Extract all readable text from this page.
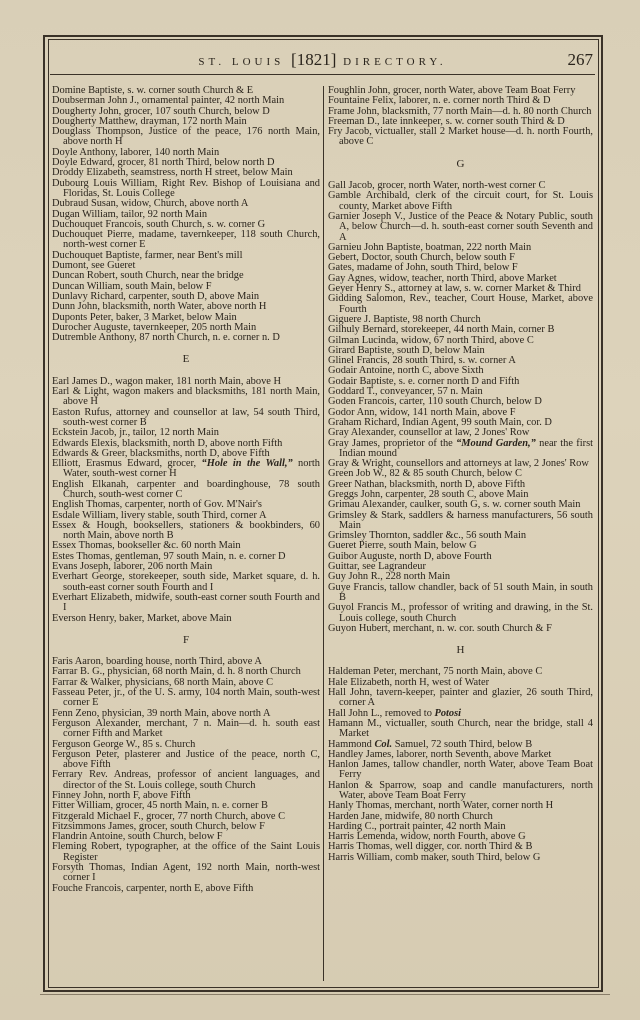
ST. LOUIS [1821] DIRECTORY.	267

Domine Baptiste, s. w. corner south Church & E

Doubserman John J., ornamental painter, 42 north Main

Dougherty John, grocer, 107 south Church, below D

Dougherty Matthew, drayman, 172 north Main

Douglass Thompson, Justice of the peace, 176 north Main, above north H

Doyle Anthony, laborer, 140 north Main

Doyle Edward, grocer, 81 north Third, below north D

Droddy Elizabeth, seamstress, north H street, below Main

Dubourg Louis William, Right Rev. Bishop of Louisiana and Floridas, St. Louis College

Dubraud Susan, widow, Church, above north A

Dugan William, tailor, 92 north Main

Duchouquet Francois, south Church, s. w. corner G

Duchouquet Pierre, madame, tavernkeeper, 118 south Church, north-west corner E

Duchouquet Baptiste, farmer, near Bent's mill

Dumont, see Gueret

Duncan Robert, south Church, near the bridge

Duncan William, south Main, below F

Dunlavy Richard, carpenter, south D, above Main

Dunn John, blacksmith, north Water, above north H

Duponts Peter, baker, 3 Market, below Main

Durocher Auguste, tavernkeeper, 205 north Main

Dutremble Anthony, 87 north Church, n. e. corner n. D

E

Earl James D., wagon maker, 181 north Main, above H

Earl & Light, wagon makers and blacksmiths, 181 north Main, above H

Easton Rufus, attorney and counsellor at law, 54 south Third, south-west corner B

Eckstein Jacob, jr., tailor, 12 north Main

Edwards Elexis, blacksmith, north D, above north Fifth

Edwards & Greer, blacksmiths, north D, above Fifth

Elliott, Erasmus Edward, grocer, “Hole in the Wall,” north Water, south-west corner H

English Elkanah, carpenter and boardinghouse, 78 south Church, south-west corner C

English Thomas, carpenter, north of Gov. M'Nair's

Esdale William, livery stable, south Third, corner A

Essex & Hough, booksellers, stationers & bookbinders, 60 north Main, above north B

Essex Thomas, bookseller &c. 60 north Main

Estes Thomas, gentleman, 97 south Main, n. e. corner D

Evans Joseph, laborer, 206 north Main

Everhart George, storekeeper, south side, Market square, d. h. south-east corner south Fourth and I

Everhart Elizabeth, midwife, south-east corner south Fourth and I

Everson Henry, baker, Market, above Main

F

Faris Aaron, boarding house, north Third, above A

Farrar B. G., physician, 68 north Main, d. h. 8 north Church

Farrar & Walker, physicians, 68 north Main, above C

Fasseau Peter, jr., of the U. S. army, 104 north Main, south-west corner E

Fenn Zeno, physician, 39 north Main, above north A

Ferguson Alexander, merchant, 7 n. Main—d. h. south east corner Fifth and Market

Ferguson George W., 85 s. Church

Ferguson Peter, plasterer and Justice of the peace, north C, above Fifth

Ferrary Rev. Andreas, professor of ancient languages, and director of the St. Louis college, south Church

Finney John, north F, above Fifth

Fitter William, grocer, 45 north Main, n. e. corner B

Fitzgerald Michael F., grocer, 77 north Church, above C

Fitzsimmons James, grocer, south Church, below F

Flandrin Antoine, south Church, below F

Fleming Robert, typographer, at the office of the Saint Louis Register

Forsyth Thomas, Indian Agent, 192 north Main, north-west corner I

Fouche Francois, carpenter, north E, above Fifth

Foughlin John, grocer, north Water, above Team Boat Ferry

Fountaine Felix, laborer, n. e. corner north Third & D

Frame John, blacksmith, 77 north Main—d. h. 80 north Church

Freeman D., late innkeeper, s. w. corner south Third & D

Fry Jacob, victualler, stall 2 Market house—d. h. north Fourth, above C

G

Gall Jacob, grocer, north Water, north-west corner C

Gamble Archibald, clerk of the circuit court, for St. Louis county, Market above Fifth

Garnier Joseph V., Justice of the Peace & Notary Public, south A, below Church—d. h. south-east corner south Seventh and A

Garnieu John Baptiste, boatman, 222 north Main

Gebert, Doctor, south Church, below south F

Gates, madame of John, south Third, below F

Gay Agnes, widow, teacher, north Third, above Market

Geyer Henry S., attorney at law, s. w. corner Market & Third

Gidding Salomon, Rev., teacher, Court House, Market, above Fourth

Giguere J. Baptiste, 98 north Church

Gilhuly Bernard, storekeeper, 44 north Main, corner B

Gilman Lucinda, widow, 67 north Third, above C

Girard Baptiste, south D, below Main

Glinel Francis, 28 south Third, s. w. corner A

Godair Antoine, north C, above Sixth

Godair Baptiste, s. e. corner north D and Fifth

Goddard T., conveyancer, 57 n. Main

Goden Francois, carter, 110 south Church, below D

Godor Ann, widow, 141 north Main, above F

Graham Richard, Indian Agent, 99 south Main, cor. D

Gray Alexander, counsellor at law, 2 Jones' Row

Gray James, proprietor of the “Mound Garden,” near the first Indian mound

Gray & Wright, counsellors and attorneys at law, 2 Jones' Row

Green Job W., 82 & 85 south Church, below C

Greer Nathan, blacksmith, north D, above Fifth

Greggs John, carpenter, 28 south C, above Main

Grimau Alexander, caulker, south G, s. w. corner south Main

Grimsley & Stark, saddlers & harness manufacturers, 56 south Main

Grimsley Thornton, saddler &c., 56 south Main

Gueret Pierre, south Main, below G

Guibor Auguste, north D, above Fourth

Guittar, see Lagrandeur

Guy John R., 228 north Main

Guye Francis, tallow chandler, back of 51 south Main, in south B

Guyol Francis M., professor of writing and drawing, in the St. Louis college, south Church

Guyon Hubert, merchant, n. w. cor. south Church & F

H

Haldeman Peter, merchant, 75 north Main, above C

Hale Elizabeth, north H, west of Water

Hall John, tavern-keeper, painter and glazier, 26 south Third, corner A

Hall John L., removed to Potosi

Hamann M., victualler, south Church, near the bridge, stall 4 Market

Hammond Col. Samuel, 72 south Third, below B

Handley James, laborer, north Seventh, above Market

Hanlon James, tallow chandler, north Water, above Team Boat Ferry

Hanlon & Sparrow, soap and candle manufacturers, north Water, above Team Boat Ferry

Hanly Thomas, merchant, north Water, corner north H

Harden Jane, midwife, 80 north Church

Harding C., portrait painter, 42 north Main

Harris Lemenda, widow, north Fourth, above G

Harris Thomas, well digger, cor. north Third & B

Harris William, comb maker, south Third, below G
